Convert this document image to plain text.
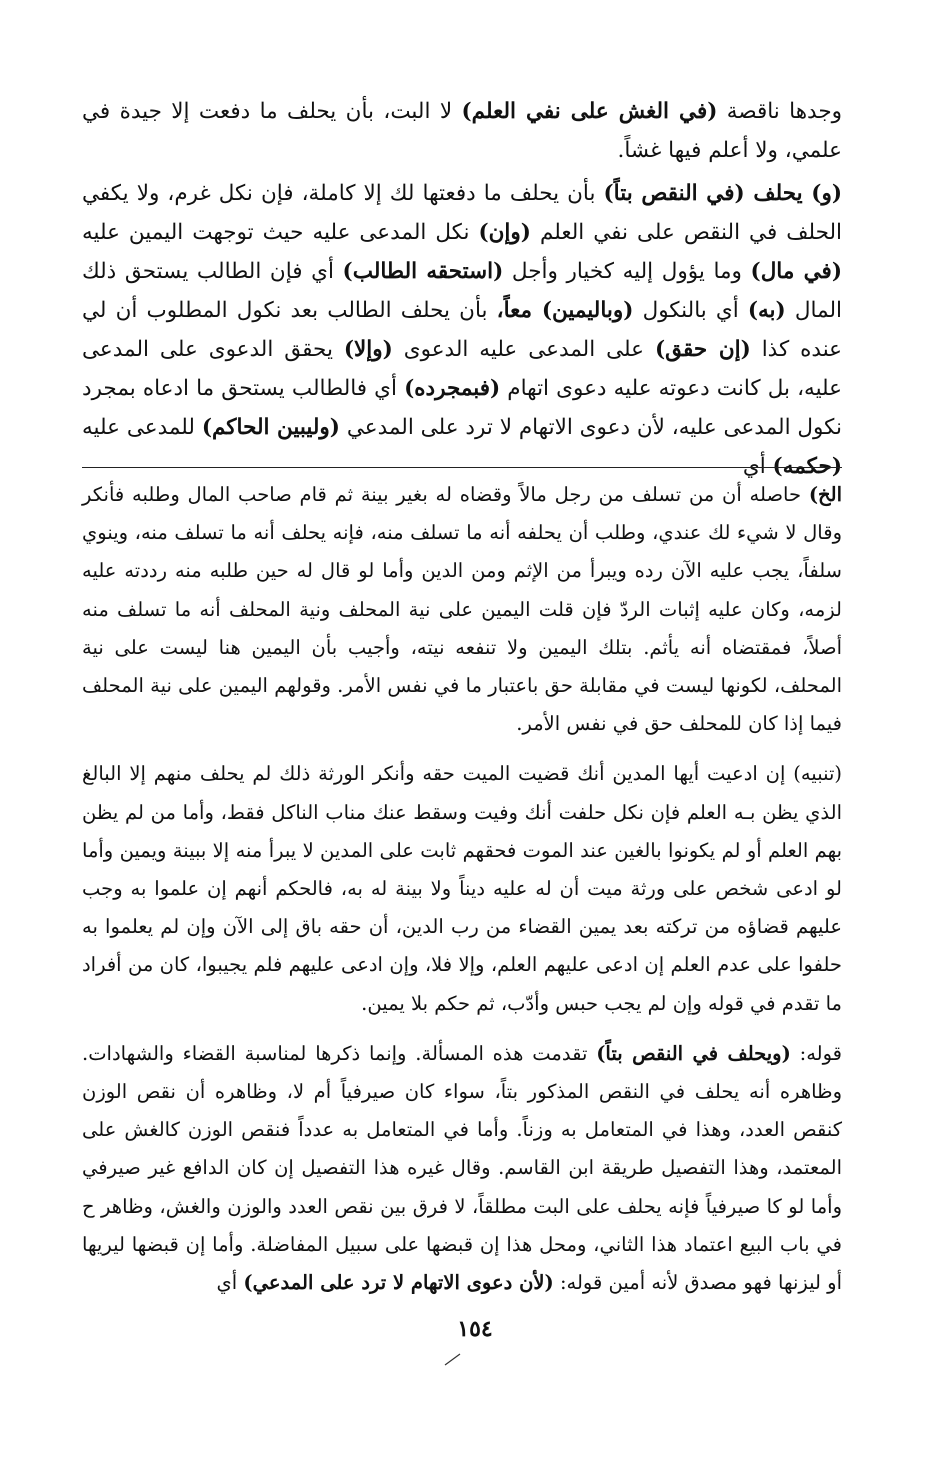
وجدها ناقصة (في الغش على نفي العلم) لا البت، بأن يحلف ما دفعت إلا جيدة في علمي، ولا أعلم فيها غشاً.

(و) يحلف (في النقص بتاً) بأن يحلف ما دفعتها لك إلا كاملة، فإن نكل غرم، ولا يكفي الحلف في النقص على نفي العلم (وإن) نكل المدعى عليه حيث توجهت اليمين عليه (في مال) وما يؤول إليه كخيار وأجل (استحقه الطالب) أي فإن الطالب يستحق ذلك المال (به) أي بالنكول (وباليمين) معاً، بأن يحلف الطالب بعد نكول المطلوب أن لي عنده كذا (إن حقق) على المدعى عليه الدعوى (وإلا) يحقق الدعوى على المدعى عليه، بل كانت دعوته عليه دعوى اتهام (فبمجرده) أي فالطالب يستحق ما ادعاه بمجرد نكول المدعى عليه، لأن دعوى الاتهام لا ترد على المدعي (وليبين الحاكم) للمدعى عليه (حكمه) أي

الخ) حاصله أن من تسلف من رجل مالاً وقضاه له بغير بينة ثم قام صاحب المال وطلبه فأنكر وقال لا شيء لك عندي، وطلب أن يحلفه أنه ما تسلف منه، فإنه يحلف أنه ما تسلف منه، وينوي سلفاً، يجب عليه الآن رده ويبرأ من الإثم ومن الدين وأما لو قال له حين طلبه منه رددته عليه لزمه، وكان عليه إثبات الردّ فإن قلت اليمين على نية المحلف ونية المحلف أنه ما تسلف منه أصلاً، فمقتضاه أنه يأثم. بتلك اليمين ولا تنفعه نيته، وأجيب بأن اليمين هنا ليست على نية المحلف، لكونها ليست في مقابلة حق باعتبار ما في نفس الأمر. وقولهم اليمين على نية المحلف فيما إذا كان للمحلف حق في نفس الأمر.

(تنبيه) إن ادعيت أيها المدين أنك قضيت الميت حقه وأنكر الورثة ذلك لم يحلف منهم إلا البالغ الذي يظن بـه العلم فإن نكل حلفت أنك وفيت وسقط عنك مناب الناكل فقط، وأما من لم يظن بهم العلم أو لم يكونوا بالغين عند الموت فحقهم ثابت على المدين لا يبرأ منه إلا ببينة ويمين وأما لو ادعى شخص على ورثة ميت أن له عليه ديناً ولا بينة له به، فالحكم أنهم إن علموا به وجب عليهم قضاؤه من تركته بعد يمين القضاء من رب الدين، أن حقه باق إلى الآن وإن لم يعلموا به حلفوا على عدم العلم إن ادعى عليهم العلم، وإلا فلا، وإن ادعى عليهم فلم يجيبوا، كان من أفراد ما تقدم في قوله وإن لم يجب حبس وأدّب، ثم حكم بلا يمين.

قوله: (ويحلف في النقص بتاً) تقدمت هذه المسألة. وإنما ذكرها لمناسبة القضاء والشهادات. وظاهره أنه يحلف في النقص المذكور بتاً، سواء كان صيرفياً أم لا، وظاهره أن نقص الوزن كنقص العدد، وهذا في المتعامل به وزناً. وأما في المتعامل به عدداً فنقص الوزن كالغش على المعتمد، وهذا التفصيل طريقة ابن القاسم. وقال غيره هذا التفصيل إن كان الدافع غير صيرفي وأما لو كا صيرفياً فإنه يحلف على البت مطلقاً، لا فرق بين نقص العدد والوزن والغش، وظاهر ح في باب البيع اعتماد هذا الثاني، ومحل هذا إن قبضها على سبيل المفاضلة. وأما إن قبضها ليريها أو ليزنها فهو مصدق لأنه أمين قوله: (لأن دعوى الاتهام لا ترد على المدعي) أي

١٥٤
